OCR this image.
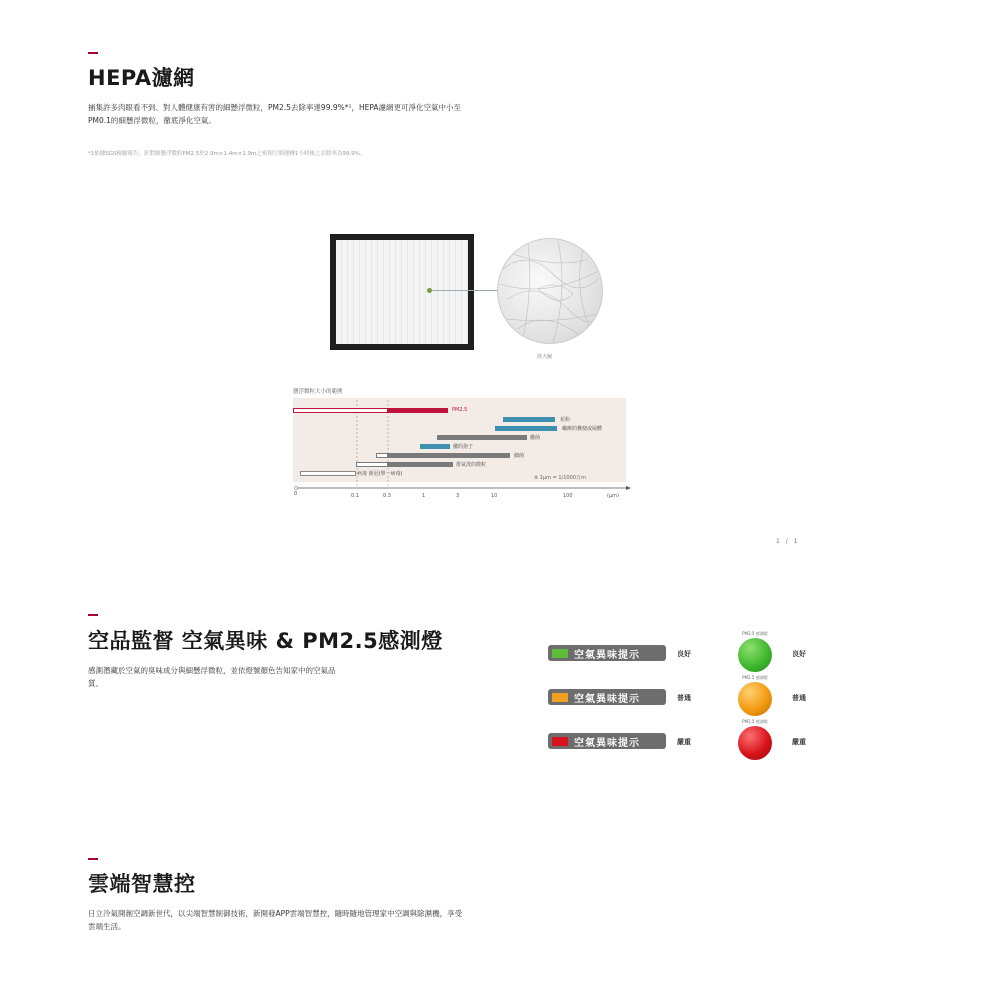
HEPA濾網
捕集許多肉眼看不到、對人體健康有害的細懸浮微粒，PM2.5去除率達99.9%*¹，HEPA濾網更可淨化空氣中小至
PM0.1的細懸浮微粒，徹底淨化空氣。
*1依據SGS檢驗報告，針對細懸浮微粒PM2.5於2.9m×1.4m×1.9m之密閉空間運轉1小時後之去除率為99.9%。
放大圖
懸浮微粒大小的範例
PM2.5
花粉
蟎塵的糞便或屍體
黴菌
黴的孢子
細菌
排氣洗的微粒
病毒 新冠(單一病毒)
※ 1μm = 1/1000万m
0	0.1	0.3	1	3	10	100	(μm)
1 / 1
空品監督 空氣異味 & PM2.5感測燈
感測潛藏於空氣的臭味成分與細懸浮微粒，並依燈號顏色告知家中的空氣品
質。
空氣異味提示	良好
PM2.5 感測燈
良好
空氣異味提示	普通
PM2.5 感測燈
普通
空氣異味提示	嚴重
PM2.5 感測燈
嚴重
雲端智慧控
日立冷氣開創空調新世代，以尖端智慧制御技術，新開發APP雲端智慧控，隨時隨地管理家中空調與除濕機，享受
雲端生活。
